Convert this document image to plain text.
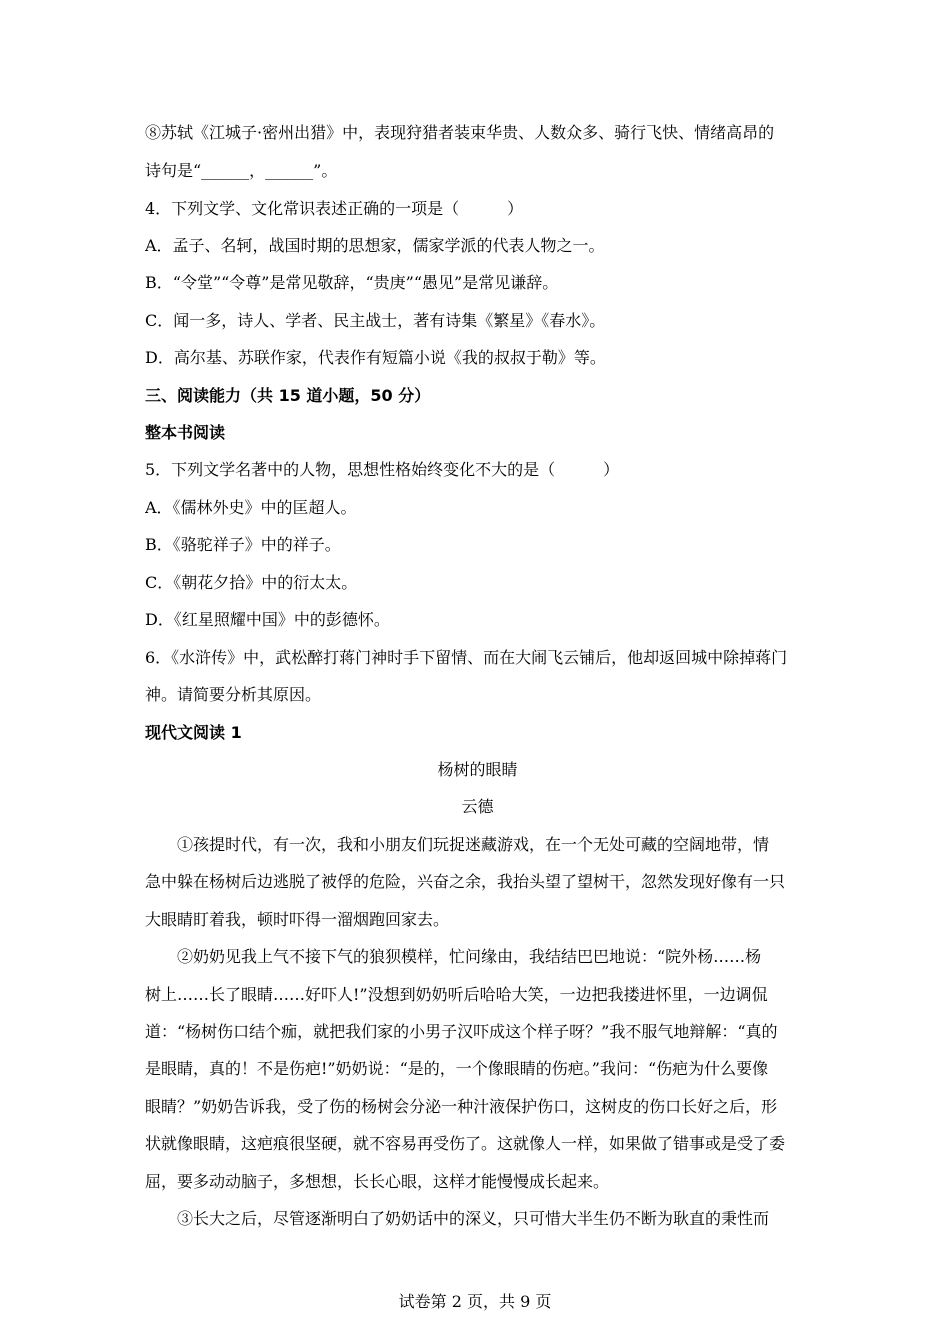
⑧苏轼《江城子·密州出猎》中，表现狩猎者装束华贵、人数众多、骑行飞快、情绪高昂的
诗句是“______，______”。
4．下列文学、文化常识表述正确的一项是（　　　）
A．孟子、名轲，战国时期的思想家，儒家学派的代表人物之一。
B．“令堂”“令尊”是常见敬辞，“贵庚”“愚见”是常见谦辞。
C．闻一多，诗人、学者、民主战士，著有诗集《繁星》《春水》。
D．高尔基、苏联作家，代表作有短篇小说《我的叔叔于勒》等。
三、阅读能力（共 15 道小题，50 分）
整本书阅读
5．下列文学名著中的人物，思想性格始终变化不大的是（　　　）
A．《儒林外史》中的匡超人。
B．《骆驼祥子》中的祥子。
C．《朝花夕拾》中的衍太太。
D．《红星照耀中国》中的彭德怀。
6．《水浒传》中，武松醉打蒋门神时手下留情、而在大闹飞云铺后，他却返回城中除掉蒋门
神。请简要分析其原因。
现代文阅读 1
杨树的眼睛
云德
①孩提时代，有一次，我和小朋友们玩捉迷藏游戏，在一个无处可藏的空阔地带，情
急中躲在杨树后边逃脱了被俘的危险，兴奋之余，我抬头望了望树干，忽然发现好像有一只
大眼睛盯着我，顿时吓得一溜烟跑回家去。
②奶奶见我上气不接下气的狼狈模样，忙问缘由，我结结巴巴地说：“院外杨……杨
树上……长了眼睛……好吓人!”没想到奶奶听后哈哈大笑，一边把我搂进怀里，一边调侃
道：“杨树伤口结个痂，就把我们家的小男子汉吓成这个样子呀？”我不服气地辩解：“真的
是眼睛，真的！不是伤疤!”奶奶说：“是的，一个像眼睛的伤疤。”我问：“伤疤为什么要像
眼睛？”奶奶告诉我，受了伤的杨树会分泌一种汁液保护伤口，这树皮的伤口长好之后，形
状就像眼睛，这疤痕很坚硬，就不容易再受伤了。这就像人一样，如果做了错事或是受了委
屈，要多动动脑子，多想想，长长心眼，这样才能慢慢成长起来。
③长大之后，尽管逐渐明白了奶奶话中的深义，只可惜大半生仍不断为耿直的秉性而
试卷第 2 页，共 9 页
